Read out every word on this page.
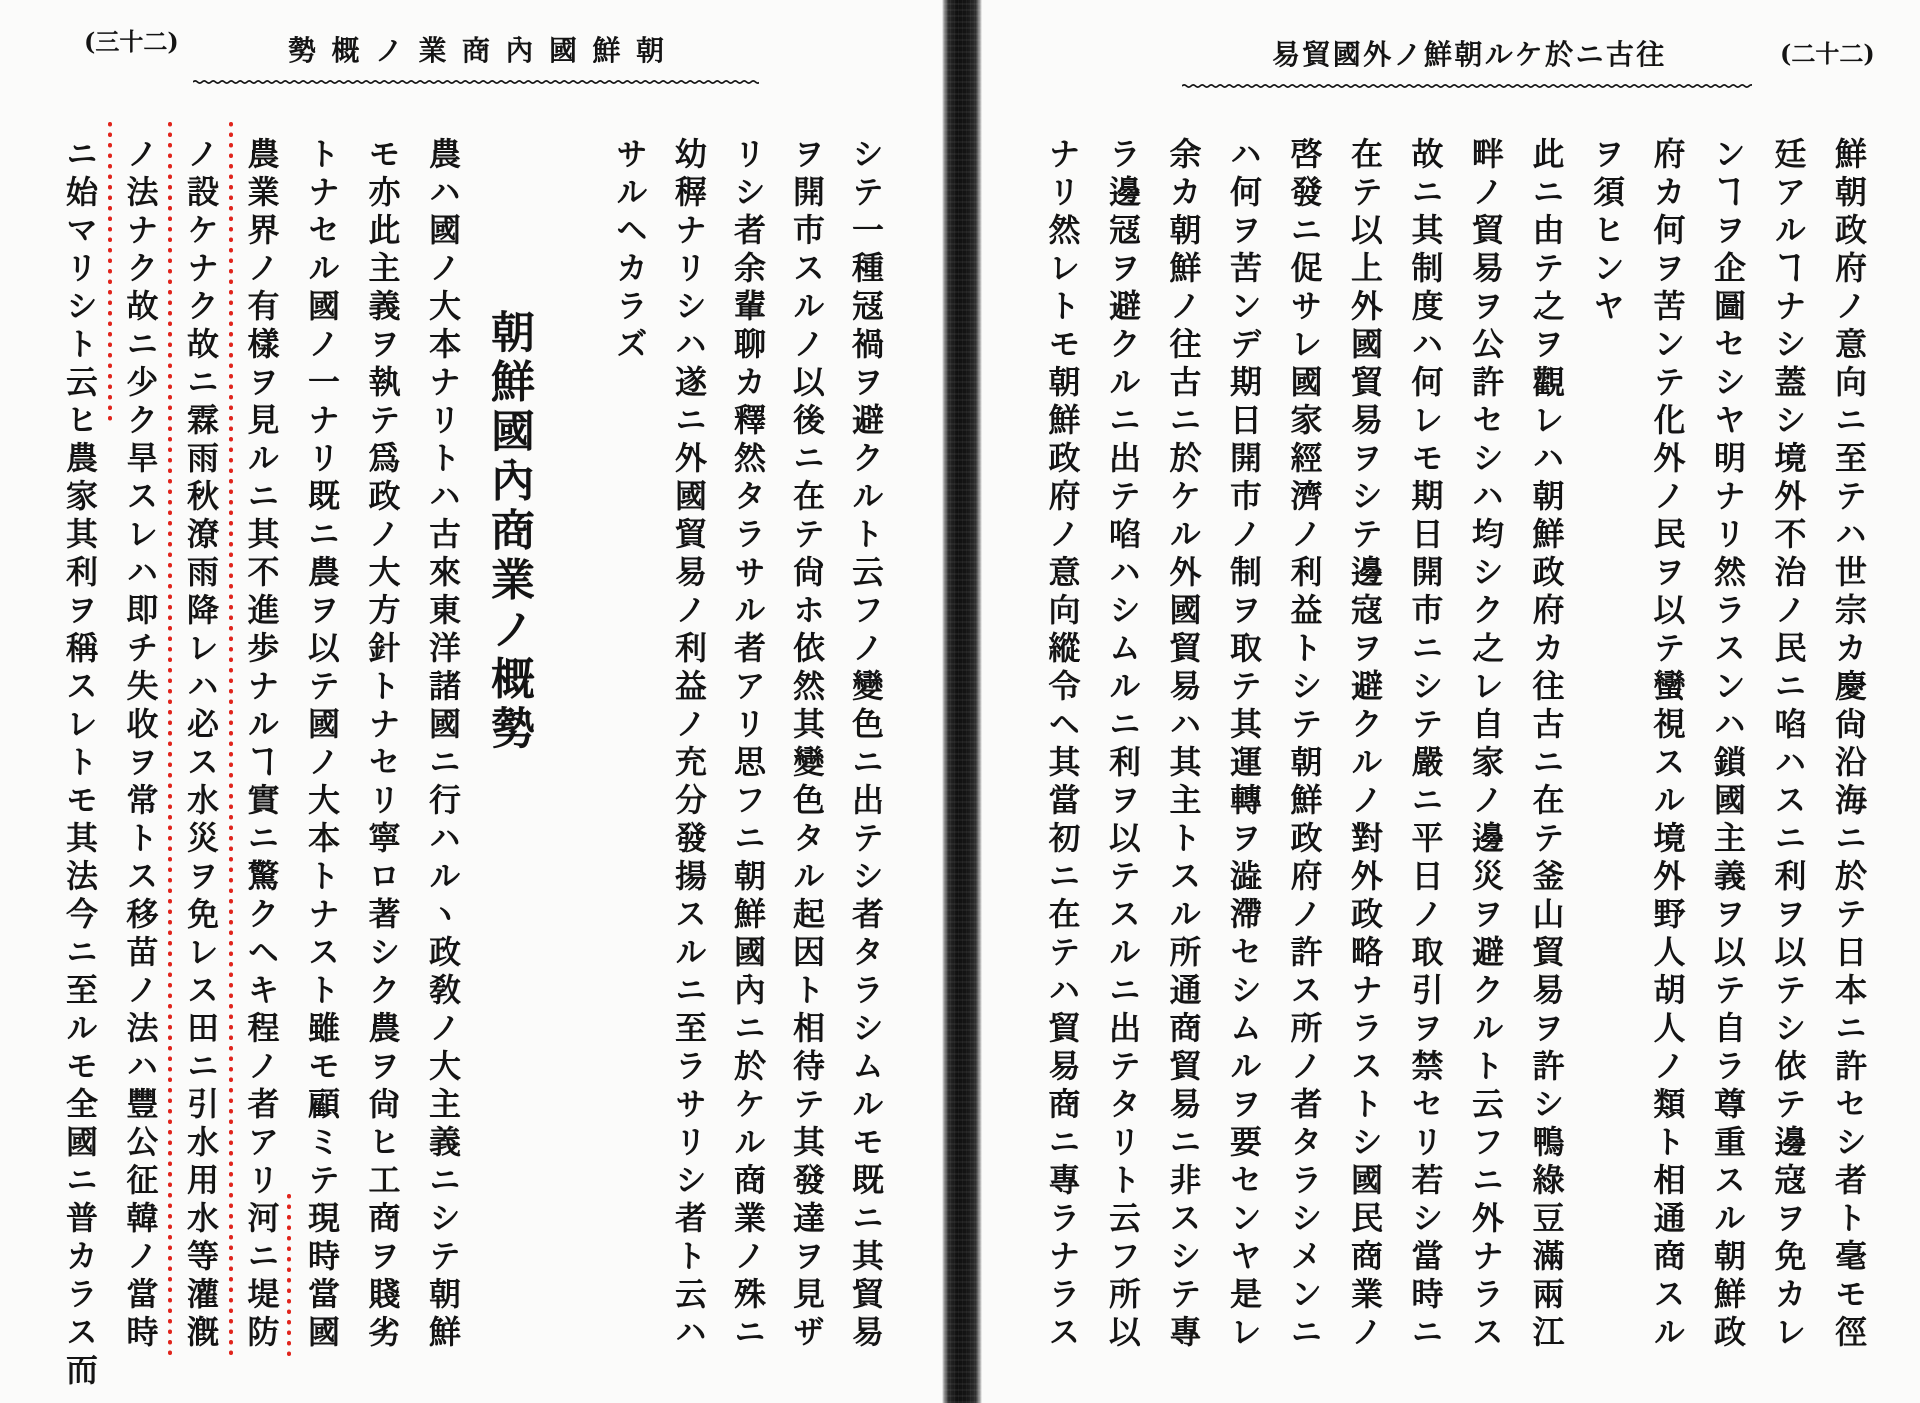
(二十三)	朝鮮國內商業ノ概勢
シテ一種冦禍ヲ避クルト云フノ變色ニ出テシ者タラシムルモ既ニ其貿易
ヲ開市スルノ以後ニ在テ尙ホ依然其變色タル起因ト相待テ其發達ヲ見ザ
リシ者余輩聊カ釋然タラサル者アリ思フニ朝鮮國內ニ於ケル商業ノ殊ニ
幼稺ナリシハ遂ニ外國貿易ノ利益ノ充分發揚スルニ至ラサリシ者ト云ハ
サルヘカラズ
朝鮮國內商業ノ概勢
農ハ國ノ大本ナリトハ古來東洋諸國ニ行ハルヽ政敎ノ大主義ニシテ朝鮮
モ亦此主義ヲ執テ爲政ノ大方針トナセリ寧ロ著シク農ヲ尙ヒ工商ヲ賤劣
トナセル國ノ一ナリ既ニ農ヲ以テ國ノ大本トナスト雖モ顧ミテ現時當國
農業界ノ有樣ヲ見ルニ其不進歩ナルヿ實ニ驚クヘキ程ノ者アリ河ニ堤防
ノ設ケナク故ニ霖雨秋潦雨降レハ必ス水災ヲ免レス田ニ引水用水等灌漑
ノ法ナク故ニ少ク旱スレハ即チ失收ヲ常トス移苗ノ法ハ豐公征韓ノ當時
ニ始マリシト云ヒ農家其利ヲ稱スレトモ其法今ニ至ルモ全國ニ普カラス而
(二十二)
往古ニ於ケル朝鮮ノ外國貿易
鮮朝政府ノ意向ニ至テハ世宗カ慶尙沿海ニ於テ日本ニ許セシ者ト毫モ徑
廷アルヿナシ蓋シ境外不治ノ民ニ啗ハスニ利ヲ以テシ依テ邊寇ヲ免カレ
ンヿヲ企圖セシヤ明ナリ然ラスンハ鎖國主義ヲ以テ自ラ尊重スル朝鮮政
府カ何ヲ苦ンテ化外ノ民ヲ以テ蠻視スル境外野人胡人ノ類ト相通商スル
ヲ須ヒンヤ
此ニ由テ之ヲ觀レハ朝鮮政府カ往古ニ在テ釜山貿易ヲ許シ鴨綠豆滿兩江
畔ノ貿易ヲ公許セシハ均シク之レ自家ノ邊災ヲ避クルト云フニ外ナラス
故ニ其制度ハ何レモ期日開市ニシテ嚴ニ平日ノ取引ヲ禁セリ若シ當時ニ
在テ以上外國貿易ヲシテ邊寇ヲ避クルノ對外政略ナラストシ國民商業ノ
啓發ニ促サレ國家經濟ノ利益トシテ朝鮮政府ノ許ス所ノ者タラシメンニ
ハ何ヲ苦ンデ期日開市ノ制ヲ取テ其運轉ヲ澁滯セシムルヲ要センヤ是レ
余カ朝鮮ノ往古ニ於ケル外國貿易ハ其主トスル所通商貿易ニ非スシテ專
ラ邊冦ヲ避クルニ出テ啗ハシムルニ利ヲ以テスルニ出テタリト云フ所以
ナリ然レトモ朝鮮政府ノ意向縱令ヘ其當初ニ在テハ貿易商ニ專ラナラス
